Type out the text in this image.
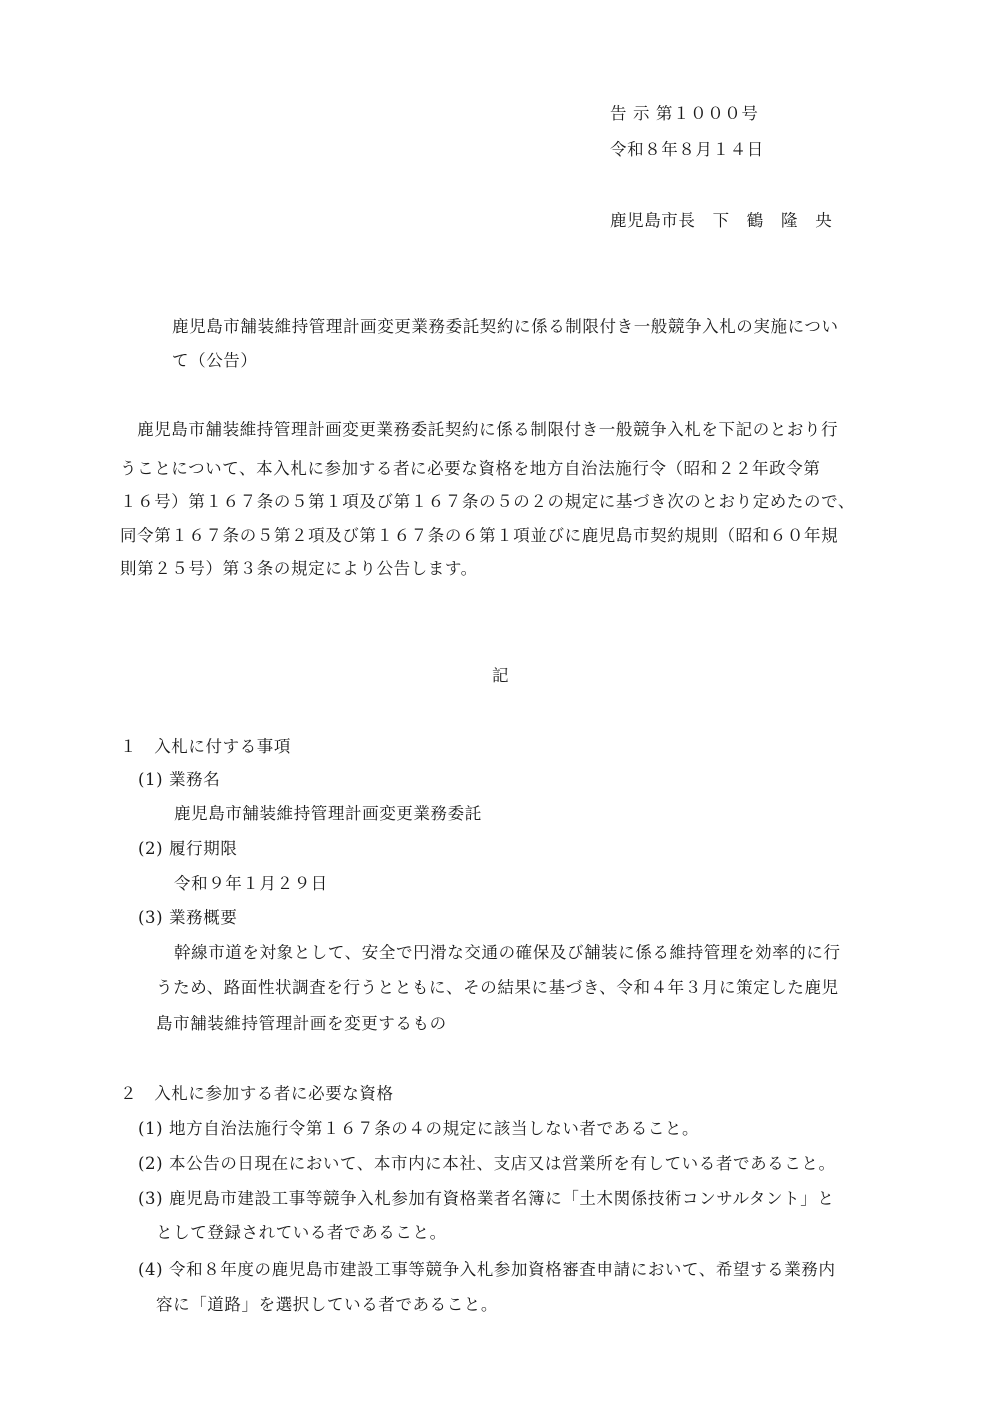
告 示 第１０００号

令和８年８月１４日

鹿児島市長　下　鶴　隆　央

鹿児島市舗装維持管理計画変更業務委託契約に係る制限付き一般競争入札の実施につい

て（公告）

　鹿児島市舗装維持管理計画変更業務委託契約に係る制限付き一般競争入札を下記のとおり行

うことについて、本入札に参加する者に必要な資格を地方自治法施行令（昭和２２年政令第

１６号）第１６７条の５第１項及び第１６７条の５の２の規定に基づき次のとおり定めたので、

同令第１６７条の５第２項及び第１６７条の６第１項並びに鹿児島市契約規則（昭和６０年規

則第２５号）第３条の規定により公告します。

記

１　入札に付する事項

(1) 業務名

鹿児島市舗装維持管理計画変更業務委託

(2) 履行期限

令和９年１月２９日

(3) 業務概要

幹線市道を対象として、安全で円滑な交通の確保及び舗装に係る維持管理を効率的に行

うため、路面性状調査を行うとともに、その結果に基づき、令和４年３月に策定した鹿児

島市舗装維持管理計画を変更するもの

２　入札に参加する者に必要な資格

(1) 地方自治法施行令第１６７条の４の規定に該当しない者であること。

(2) 本公告の日現在において、本市内に本社、支店又は営業所を有している者であること。

(3) 鹿児島市建設工事等競争入札参加有資格業者名簿に「土木関係技術コンサルタント」と

として登録されている者であること。

(4) 令和８年度の鹿児島市建設工事等競争入札参加資格審査申請において、希望する業務内

容に「道路」を選択している者であること。
